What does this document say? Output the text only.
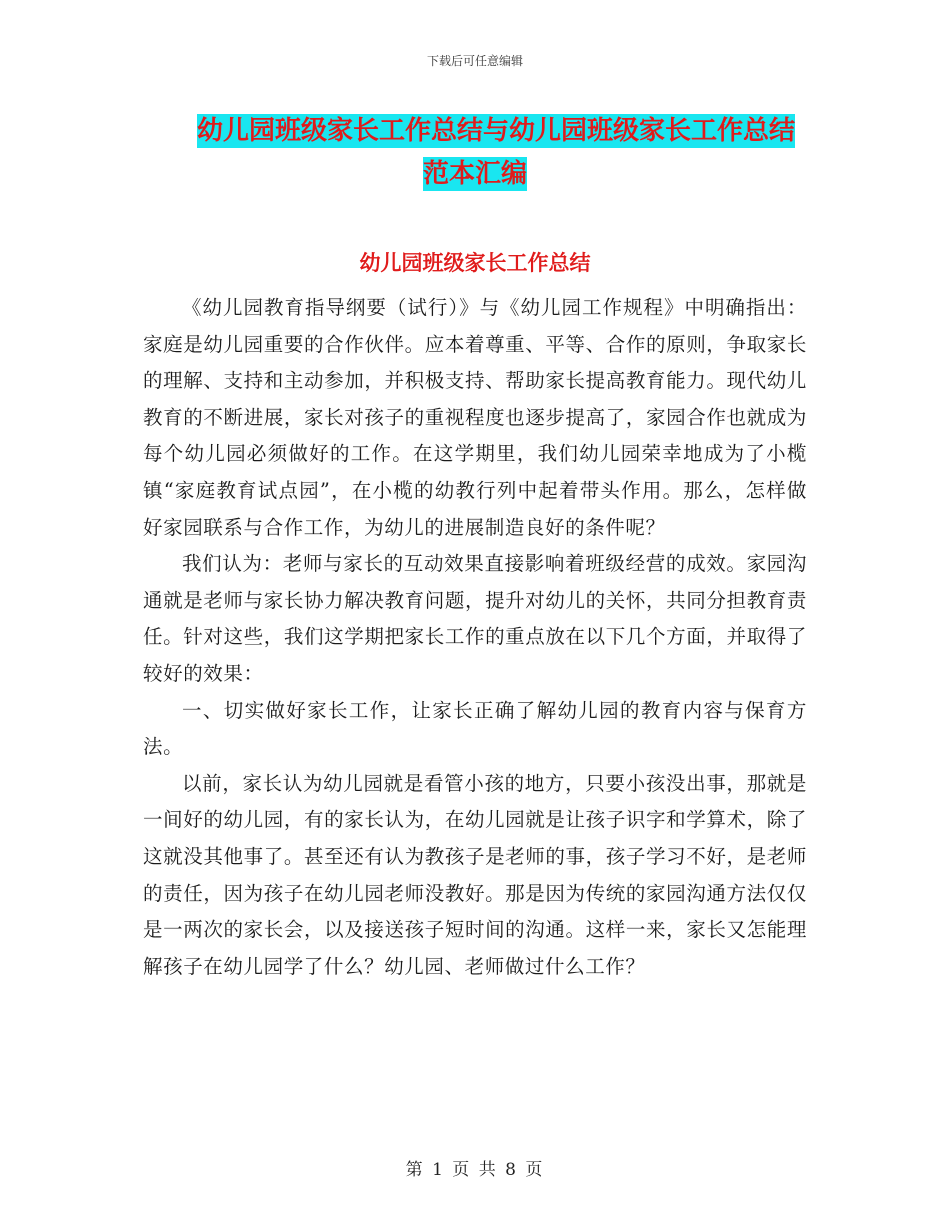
下载后可任意编辑
幼儿园班级家长工作总结与幼儿园班级家长工作总结
范本汇编
幼儿园班级家长工作总结

《幼儿园教育指导纲要（试行）》与《幼儿园工作规程》中明确指出：家庭是幼儿园重要的合作伙伴。应本着尊重、平等、合作的原则，争取家长的理解、支持和主动参加，并积极支持、帮助家长提高教育能力。现代幼儿教育的不断进展，家长对孩子的重视程度也逐步提高了，家园合作也就成为每个幼儿园必须做好的工作。在这学期里，我们幼儿园荣幸地成为了小榄镇“家庭教育试点园”，在小榄的幼教行列中起着带头作用。那么，怎样做好家园联系与合作工作，为幼儿的进展制造良好的条件呢？

我们认为：老师与家长的互动效果直接影响着班级经营的成效。家园沟通就是老师与家长协力解决教育问题，提升对幼儿的关怀，共同分担教育责任。针对这些，我们这学期把家长工作的重点放在以下几个方面，并取得了较好的效果：

一、切实做好家长工作，让家长正确了解幼儿园的教育内容与保育方法。

以前，家长认为幼儿园就是看管小孩的地方，只要小孩没出事，那就是一间好的幼儿园，有的家长认为，在幼儿园就是让孩子识字和学算术，除了这就没其他事了。甚至还有认为教孩子是老师的事，孩子学习不好，是老师的责任，因为孩子在幼儿园老师没教好。那是因为传统的家园沟通方法仅仅是一两次的家长会，以及接送孩子短时间的沟通。这样一来，家长又怎能理解孩子在幼儿园学了什么？幼儿园、老师做过什么工作？

第 1 页 共 8 页
